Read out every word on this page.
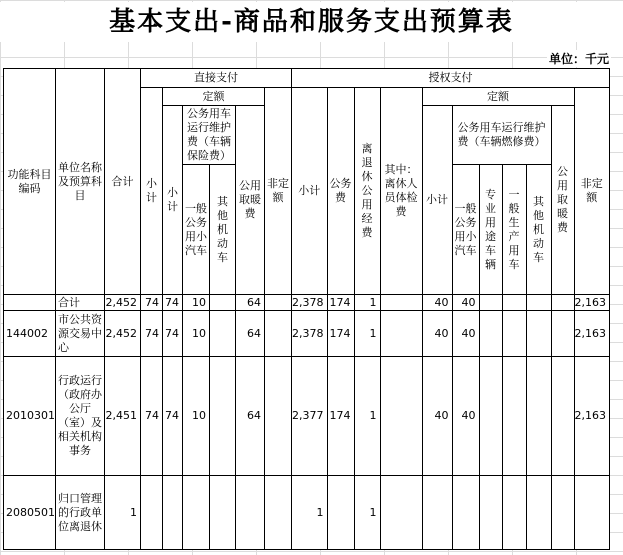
基本支出-商品和服务支出预算表
单位：千元
功能科目编码	单位名称及预算科目	合计	直接支付						授权支付										
			小计	定额				非定额	小计	公务费	离退休公用经费	其中：离休人员体检费	定额						非定额
				小计	公务用车运行维护费（车辆保险费）		公用取暖费						小计	公务用车运行维护费（车辆燃修费）				公用取暖费	
					一般公务用小汽车	其他机动车								一般公务用小汽车	专业用途车辆	一般生产用车	其他机动车		
	合计	2,452	74	74	10		64		2,378	174	1		40	40					2,163
144002	市公共资源交易中心	2,452	74	74	10		64		2,378	174	1		40	40					2,163
2010301	行政运行（政府办公厅（室）及相关机构事务	2,451	74	74	10		64		2,377	174	1		40	40					2,163
2080501	归口管理的行政单位离退休	1							1		1								
